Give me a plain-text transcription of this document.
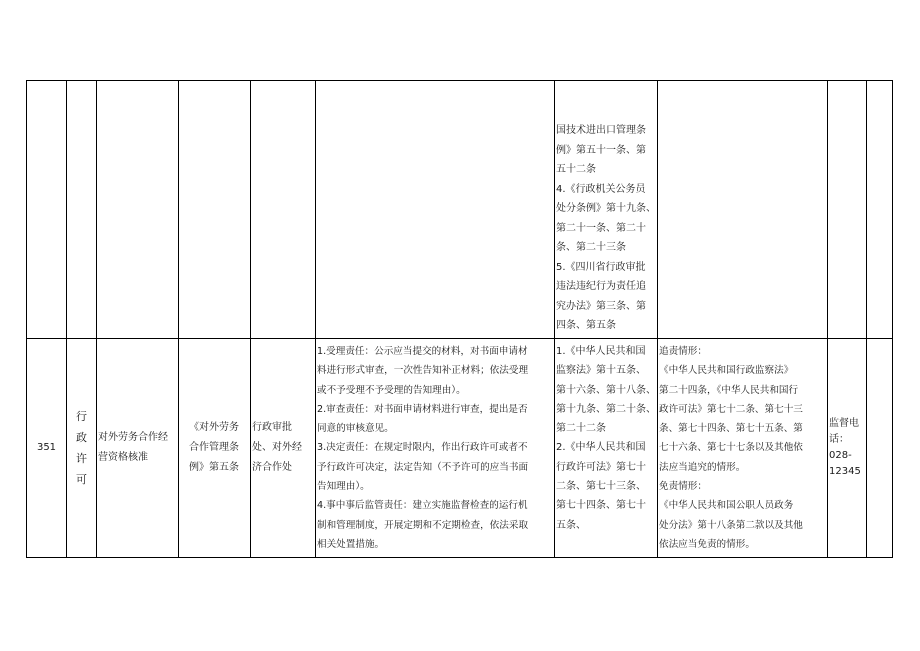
国技术进出口管理条
例》第五十一条、第
五十二条
4.《行政机关公务员
处分条例》第十九条、
第二十一条、第二十
条、第二十三条
5.《四川省行政审批
违法违纪行为责任追
究办法》第三条、第
四条、第五条
351
行
政
许
可
对外劳务合作经
营资格核准
《对外劳务
合作管理条
例》第五条
行政审批
处、对外经
济合作处
1.受理责任：公示应当提交的材料，对书面申请材
料进行形式审查，一次性告知补正材料；依法受理
或不予受理不予受理的告知理由）。
2.审查责任：对书面申请材料进行审查，提出是否
同意的审核意见。
3.决定责任：在规定时限内，作出行政许可或者不
予行政许可决定，法定告知（不予许可的应当书面
告知理由）。
4.事中事后监管责任：建立实施监督检查的运行机
制和管理制度，开展定期和不定期检查，依法采取
相关处置措施。
1.《中华人民共和国
监察法》第十五条、
第十六条、第十八条、
第十九条、第二十条、
第二十二条
2.《中华人民共和国
行政许可法》第七十
二条、第七十三条、
第七十四条、第七十
五条、
追责情形：
《中华人民共和国行政监察法》
第二十四条，《中华人民共和国行
政许可法》第七十二条、第七十三
条、第七十四条、第七十五条、第
七十六条、第七十七条以及其他依
法应当追究的情形。
免责情形：
《中华人民共和国公职人员政务
处分法》第十八条第二款以及其他
依法应当免责的情形。
监督电
话：
028-
12345
